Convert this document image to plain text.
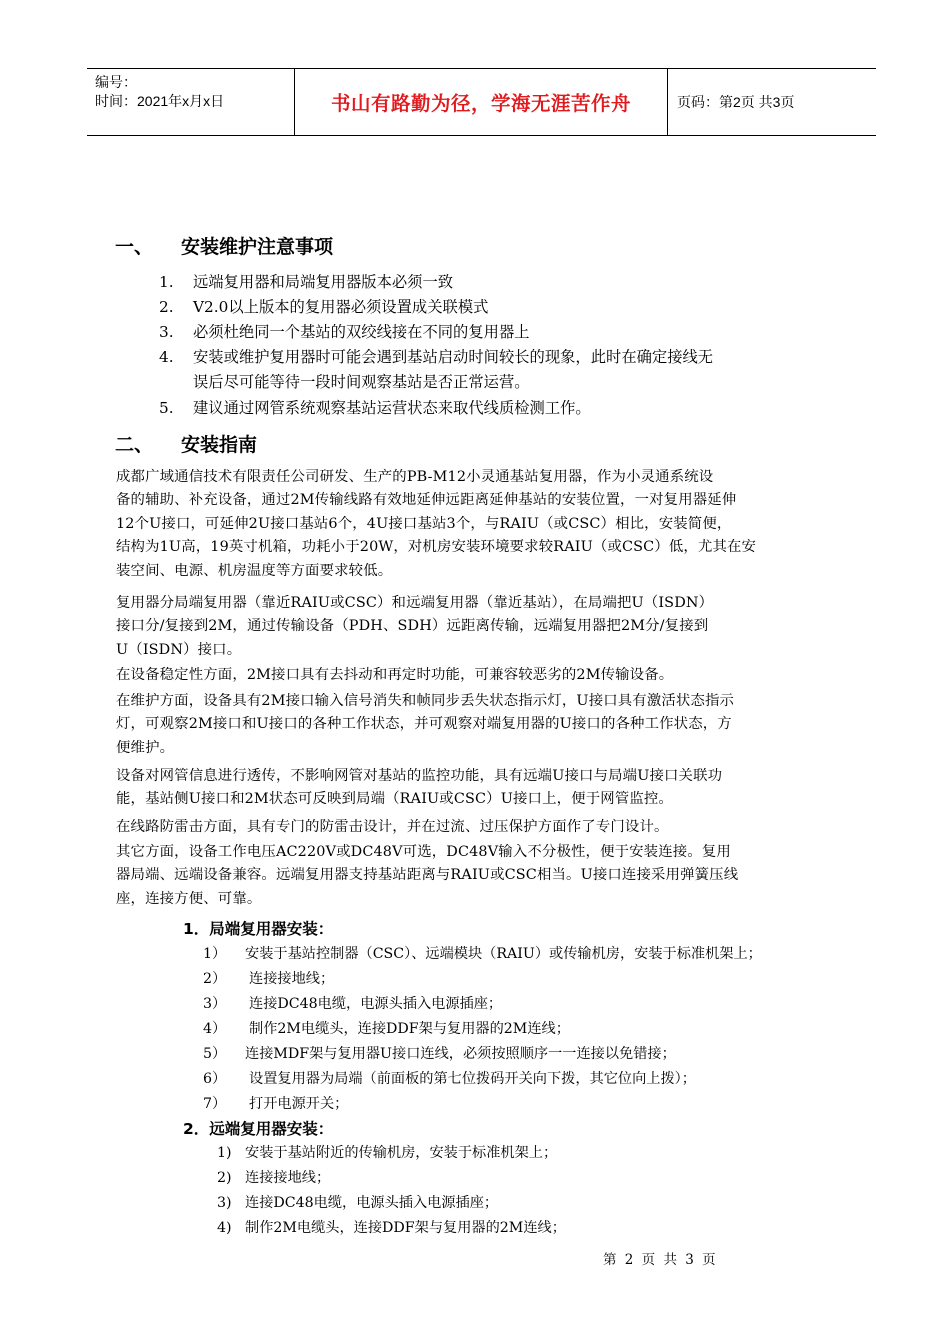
编号：
时间：2021年x月x日	书山有路勤为径，学海无涯苦作舟	页码：第2页 共3页
一、 安装维护注意事项
1. 远端复用器和局端复用器版本必须一致
2. V2.0以上版本的复用器必须设置成关联模式
3. 必须杜绝同一个基站的双绞线接在不同的复用器上
4. 安装或维护复用器时可能会遇到基站启动时间较长的现象，此时在确定接线无
误后尽可能等待一段时间观察基站是否正常运营。
5. 建议通过网管系统观察基站运营状态来取代线质检测工作。
二、 安装指南
成都广域通信技术有限责任公司研发、生产的PB-M12小灵通基站复用器，作为小灵通系统设
备的辅助、补充设备，通过2M传输线路有效地延伸远距离延伸基站的安装位置，一对复用器延伸
12个U接口，可延伸2U接口基站6个，4U接口基站3个，与RAIU（或CSC）相比，安装简便，
结构为1U高，19英寸机箱，功耗小于20W，对机房安装环境要求较RAIU（或CSC）低，尤其在安
装空间、电源、机房温度等方面要求较低。
复用器分局端复用器（靠近RAIU或CSC）和远端复用器（靠近基站），在局端把U（ISDN）
接口分/复接到2M，通过传输设备（PDH、SDH）远距离传输，远端复用器把2M分/复接到
U（ISDN）接口。
在设备稳定性方面，2M接口具有去抖动和再定时功能，可兼容较恶劣的2M传输设备。
在维护方面，设备具有2M接口输入信号消失和帧同步丢失状态指示灯，U接口具有激活状态指示
灯，可观察2M接口和U接口的各种工作状态，并可观察对端复用器的U接口的各种工作状态，方
便维护。
设备对网管信息进行透传，不影响网管对基站的监控功能，具有远端U接口与局端U接口关联功
能，基站侧U接口和2M状态可反映到局端（RAIU或CSC）U接口上，便于网管监控。
在线路防雷击方面，具有专门的防雷击设计，并在过流、过压保护方面作了专门设计。
其它方面，设备工作电压AC220V或DC48V可选，DC48V输入不分极性，便于安装连接。复用
器局端、远端设备兼容。远端复用器支持基站距离与RAIU或CSC相当。U接口连接采用弹簧压线
座，连接方便、可靠。
1．局端复用器安装：
1） 安装于基站控制器（CSC）、远端模块（RAIU）或传输机房，安装于标准机架上；
2） 连接接地线；
3） 连接DC48电缆，电源头插入电源插座；
4） 制作2M电缆头，连接DDF架与复用器的2M连线；
5） 连接MDF架与复用器U接口连线，必须按照顺序一一连接以免错接；
6） 设置复用器为局端（前面板的第七位拨码开关向下拨，其它位向上拨）；
7） 打开电源开关；
2．远端复用器安装：
1) 安装于基站附近的传输机房，安装于标准机架上；
2) 连接接地线；
3) 连接DC48电缆，电源头插入电源插座；
4) 制作2M电缆头，连接DDF架与复用器的2M连线；
第 2 页 共 3 页
